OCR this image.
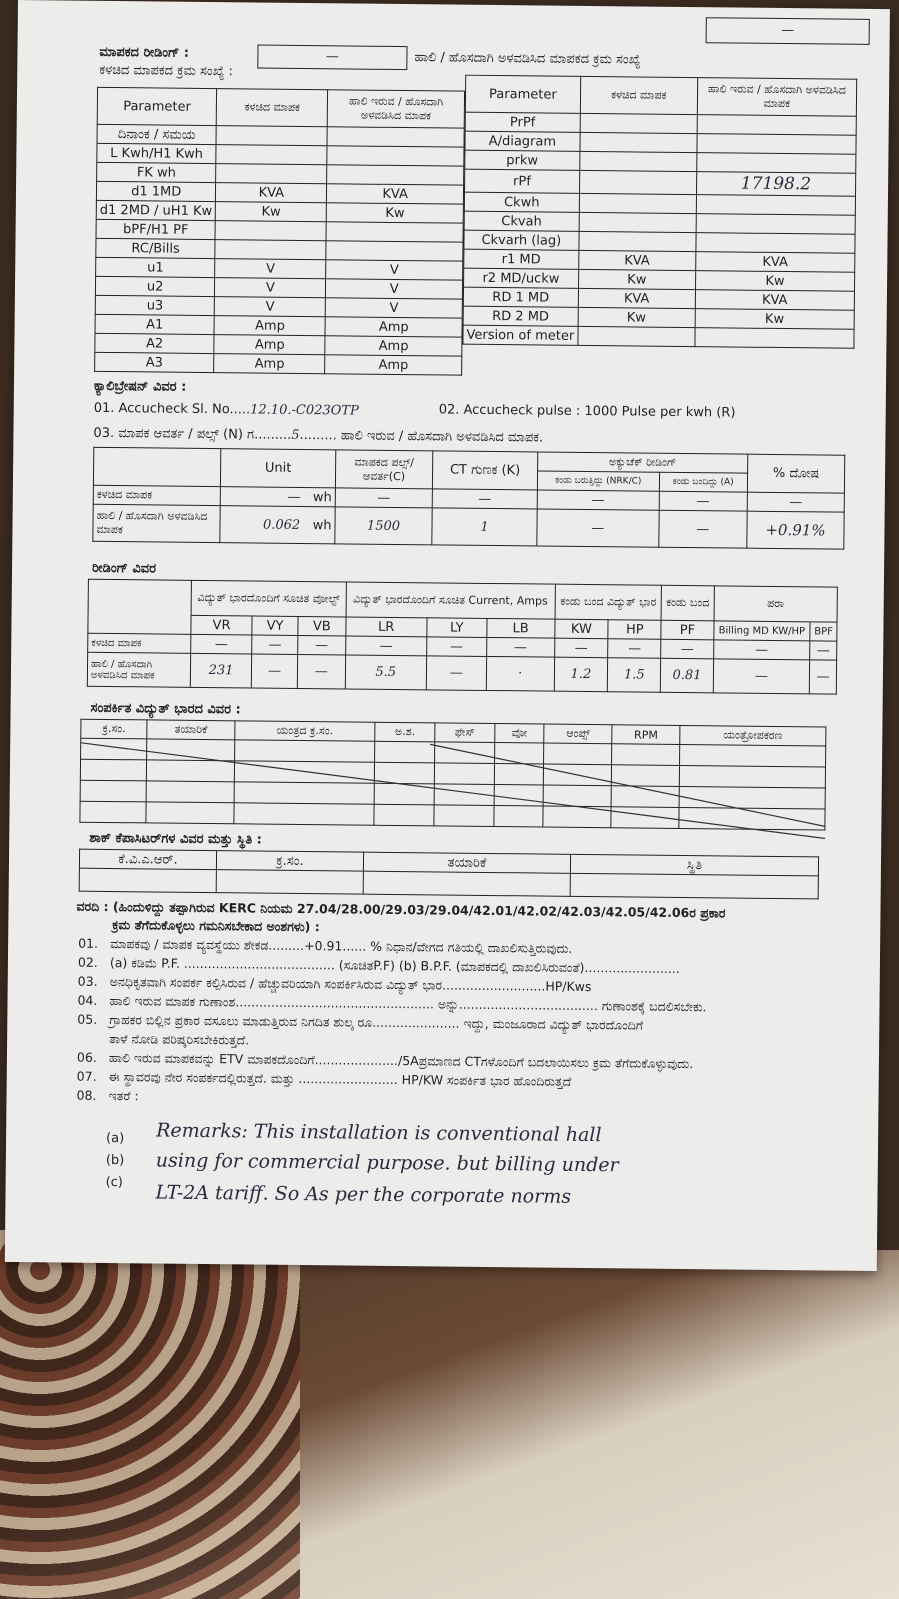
ಮಾಪಕದ ರೀಡಿಂಗ್ :
ಕಳಚಿದ ಮಾಪಕದ ಕ್ರಮ ಸಂಖ್ಯೆ :
—	ಹಾಲಿ / ಹೊಸದಾಗಿ ಅಳವಡಿಸಿದ ಮಾಪಕದ ಕ್ರಮ ಸಂಖ್ಯೆ
—
Parameter	ಕಳಚಿದ ಮಾಪಕ	ಹಾಲಿ ಇರುವ / ಹೊಸದಾಗಿ ಅಳವಡಿಸಿದ ಮಾಪಕ
ದಿನಾಂಕ / ಸಮಯ		
L Kwh/H1 Kwh		
FK wh		
d1 1MD	KVA	KVA
d1 2MD / uH1 Kw	Kw	Kw
bPF/H1 PF		
RC/Bills		
u1	V	V
u2	V	V
u3	V	V
A1	Amp	Amp
A2	Amp	Amp
A3	Amp	Amp
Parameter	ಕಳಚಿದ ಮಾಪಕ	ಹಾಲಿ ಇರುವ / ಹೊಸದಾಗಿ ಅಳವಡಿಸಿದ ಮಾಪಕ
PrPf		
A/diagram		
prkw		
rPf		17198.2
Ckwh		
Ckvah		
Ckvarh (lag)		
r1 MD	KVA	KVA
r2 MD/uckw	Kw	Kw
RD 1 MD	KVA	KVA
RD 2 MD	Kw	Kw
Version of meter		
ಕ್ಯಾಲಿಬ್ರೇಷನ್ ವಿವರ :
01. Accucheck Sl. No.....12.10.-C023OTP	02. Accucheck pulse : 1000 Pulse per kwh (R)
03. ಮಾಪಕ ಆವರ್ತ / ಪಲ್ಸ್ (N) ಗ.........5......... ಹಾಲಿ ಇರುವ / ಹೊಸದಾಗಿ ಅಳವಡಿಸಿದ ಮಾಪಕ.
	Unit	ಮಾಪಕದ ಪಲ್ಸ್/ಆವರ್ತ(C)	CT ಗುಣಕ (K)	ಅಕ್ಯುಚೆಕ್ ರೀಡಿಂಗ್		% ದೋಷ
				ಕಂಡು ಬರುತ್ತಿದ್ದು (NRK/C)	ಕಂಡು ಬಂದಿದ್ದು (A)	
ಕಳಚಿದ ಮಾಪಕ	— wh	—	—	—	—	—
ಹಾಲಿ / ಹೊಸದಾಗಿ ಅಳವಡಿಸಿದ ಮಾಪಕ	0.062 wh	1500	1	—	—	+0.91%
ರೀಡಿಂಗ್ ವಿವರ
	ವಿದ್ಯುತ್ ಭಾರದೊಂದಿಗೆ ಸೂಚಿತ ವೋಲ್ಟ್			ವಿದ್ಯುತ್ ಭಾರದೊಂದಿಗೆ ಸೂಚಿತ Current, Amps			ಕಂಡು ಬಂದ ವಿದ್ಯುತ್ ಭಾರ		ಕಂಡು ಬಂದ	ಪರಾ	
	VR	VY	VB	LR	LY	LB	KW	HP	PF	Billing MD KW/HP	BPF
ಕಳಚಿದ ಮಾಪಕ	—	—	—	—	—	—	—	—	—	—	—
ಹಾಲಿ / ಹೊಸದಾಗಿ ಅಳವಡಿಸಿದ ಮಾಪಕ	231	—	—	5.5	—	·	1.2	1.5	0.81	—	—
ಸಂಪರ್ಕಿತ ವಿದ್ಯುತ್ ಭಾರದ ವಿವರ :
ಕ್ರ.ಸಂ.	ತಯಾರಿಕೆ	ಯಂತ್ರದ ಕ್ರ.ಸಂ.	ಅ.ಶ.	ಫೇಸ್	ವೋ	ಆಂಪ್ಸ್	RPM	ಯಂತ್ರೋಪಕರಣ

ಶಾಕ್ ಕೆಪಾಸಿಟರ್‌ಗಳ ವಿವರ ಮತ್ತು ಸ್ಥಿತಿ :
ಕೆ.ವಿ.ಎ.ಆರ್.	ಕ್ರ.ಸಂ.	ತಯಾರಿಕೆ	ಸ್ಥಿತಿ

ವರದಿ : (ಹಿಂದುಳಿದ್ದು ತಪ್ಪಾಗಿರುವ KERC ನಿಯಮ 27.04/28.00/29.03/29.04/42.01/42.02/42.03/42.05/42.06ರ ಪ್ರಕಾರ
ಕ್ರಮ ತೆಗೆದುಕೊಳ್ಳಲು ಗಮನಿಸಬೇಕಾದ ಅಂಶಗಳು) :
01. ಮಾಪಕವು / ಮಾಪಕ ವ್ಯವಸ್ಥೆಯು ಶೇಕಡ.........+0.91...... % ನಿಧಾನ/ವೇಗದ ಗತಿಯಲ್ಲಿ ದಾಖಲಿಸುತ್ತಿರುವುದು.
02. (a) ಕಡಿಮೆ P.F. ...................................... (ಸೂಚಿತP.F) (b) B.P.F. (ಮಾಪಕದಲ್ಲಿ ದಾಖಲಿಸಿರುವಂತೆ)........................
03. ಅನಧಿಕೃತವಾಗಿ ಸಂಪರ್ಕ ಕಲ್ಪಿಸಿರುವ / ಹೆಚ್ಚುವರಿಯಾಗಿ ಸಂಪರ್ಕಿಸಿರುವ ವಿದ್ಯುತ್ ಭಾರ..........................HP/Kws
04. ಹಾಲಿ ಇರುವ ಮಾಪಕ ಗುಣಾಂಶ.................................................. ಅನ್ನು................................... ಗುಣಾಂಶಕ್ಕೆ ಬದಲಿಸಬೇಕು.
05. ಗ್ರಾಹಕರ ಬಿಲ್ಲಿನ ಪ್ರಕಾರ ವಸೂಲು ಮಾಡುತ್ತಿರುವ ನಿಗದಿತ ಶುಲ್ಕ ರೂ...................... ಇದ್ದು, ಮಂಜೂರಾದ ವಿದ್ಯುತ್ ಭಾರದೊಂದಿಗೆ
ತಾಳೆ ನೋಡಿ ಪರಿಷ್ಕರಿಸಬೇಕಿರುತ್ತದೆ.
06. ಹಾಲಿ ಇರುವ ಮಾಪಕವನ್ನು ETV ಮಾಪಕದೊಂದಿಗೆ...................../5Aಪ್ರಮಾಣದ CTಗಳೊಂದಿಗೆ ಬದಲಾಯಿಸಲು ಕ್ರಮ ತೆಗೆದುಕೊಳ್ಳುವುದು.
07. ಈ ಸ್ಥಾವರವು ನೇರ ಸಂಪರ್ಕದಲ್ಲಿರುತ್ತದೆ. ಮತ್ತು ......................... HP/KW ಸಂಪರ್ಕಿತ ಭಾರ ಹೊಂದಿರುತ್ತದೆ
08. ಇತರೆ :
Remarks: This installation is conventional hall
(a)
using for commercial purpose. but billing under
(b)
LT-2A tariff. So As per the corporate norms
(c)
